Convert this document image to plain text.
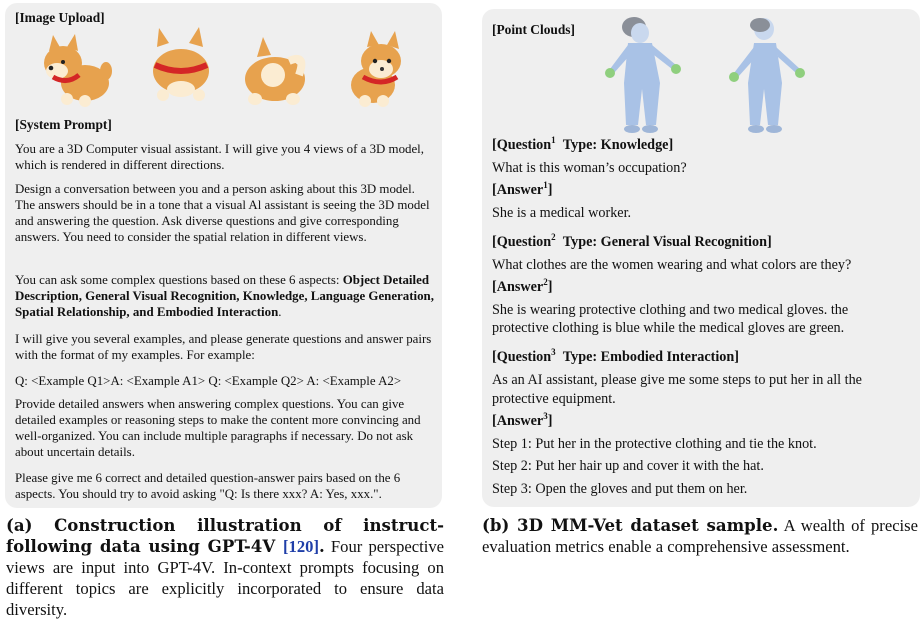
[Image Upload]
[System Prompt]
You are a 3D Computer visual assistant. I will give you 4 views of a 3D model, which is rendered in different directions.
Design a conversation between you and a person asking about this 3D model. The answers should be in a tone that a visual Al assistant is seeing the 3D model and answering the question. Ask diverse questions and give corresponding answers. You need to consider the spatial relation in different views.
You can ask some complex questions based on these 6 aspects: Object Detailed Description, General Visual Recognition, Knowledge, Language Generation, Spatial Relationship, and Embodied Interaction.
I will give you several examples, and please generate questions and answer pairs with the format of my examples. For example:
Q: <Example Q1>A: <Example A1> Q: <Example Q2> A: <Example A2>
Provide detailed answers when answering complex questions. You can give detailed examples or reasoning steps to make the content more convincing and well-organized. You can include multiple paragraphs if necessary. Do not ask about uncertain details.
Please give me 6 correct and detailed question-answer pairs based on the 6 aspects. You should try to avoid asking "Q: Is there xxx? A: Yes, xxx.".
[Point Clouds]
[Question$^1$ Type: Knowledge]
What is this woman’s occupation?
[Answer$^1$]
She is a medical worker.
[Question$^2$ Type: General Visual Recognition]
What clothes are the women wearing and what colors are they?
[Answer$^2$]
She is wearing protective clothing and two medical gloves. the
protective clothing is blue while the medical gloves are green.
[Question$^3$ Type: Embodied Interaction]
As an AI assistant, please give me some steps to put her in all the
protective equipment.
[Answer$^3$]
Step 1: Put her in the protective clothing and tie the knot.
Step 2: Put her hair up and cover it with the hat.
Step 3: Open the gloves and put them on her.
(a) Construction illustration of instruct-following data using GPT-4V [120]. Four perspective views are input into GPT-4V. In-context prompts focusing on different topics are explicitly incorporated to ensure data diversity.
(b) 3D MM-Vet dataset sample. A wealth of precise evaluation metrics enable a comprehensive assessment.
